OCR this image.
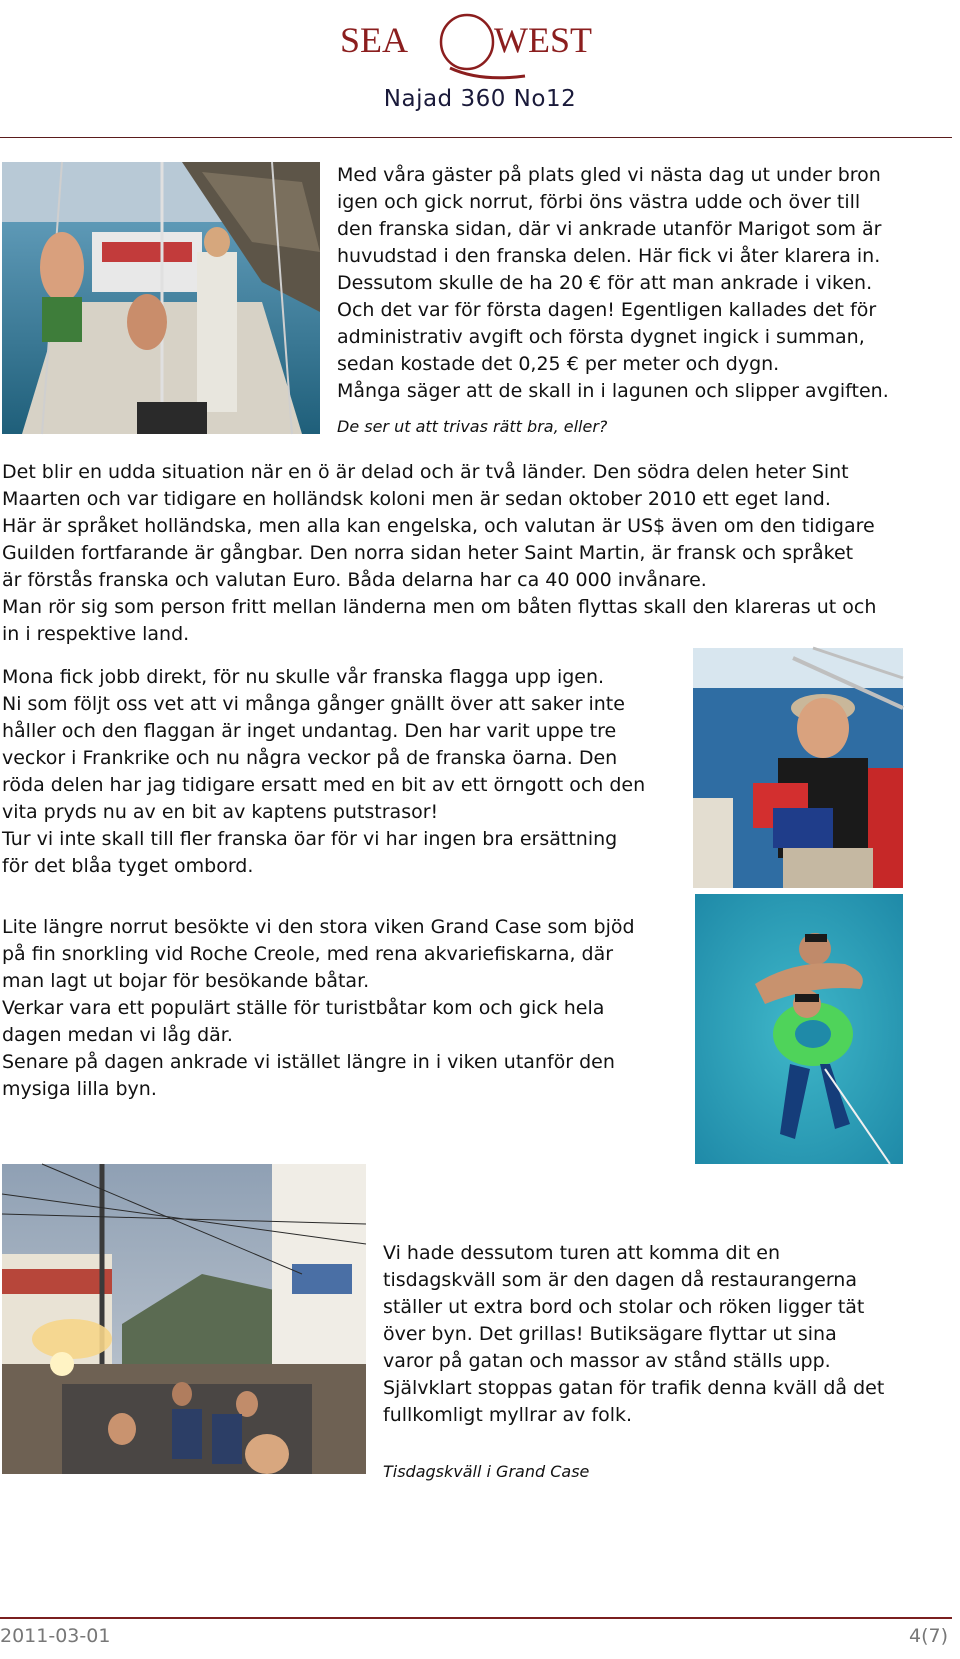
SEA WEST
Najad 360 No12
Med våra gäster på plats gled vi nästa dag ut under bron
igen och gick norrut, förbi öns västra udde och över till
den franska sidan, där vi ankrade utanför Marigot som är
huvudstad i den franska delen. Här fick vi åter klarera in.
Dessutom skulle de ha 20 € för att man ankrade i viken.
Och det var för första dagen! Egentligen kallades det för
administrativ avgift och första dygnet ingick i summan,
sedan kostade det 0,25 € per meter och dygn.
Många säger att de skall in i lagunen och slipper avgiften.
De ser ut att trivas rätt bra, eller?
Det blir en udda situation när en ö är delad och är två länder. Den södra delen heter Sint
Maarten och var tidigare en holländsk koloni men är sedan oktober 2010 ett eget land.
Här är språket holländska, men alla kan engelska, och valutan är US$ även om den tidigare
Guilden fortfarande är gångbar. Den norra sidan heter Saint Martin, är fransk och språket
är förstås franska och valutan Euro. Båda delarna har ca 40 000 invånare.
Man rör sig som person fritt mellan länderna men om båten flyttas skall den klareras ut och
in i respektive land.
Mona fick jobb direkt, för nu skulle vår franska flagga upp igen.
Ni som följt oss vet att vi många gånger gnällt över att saker inte
håller och den flaggan är inget undantag. Den har varit uppe tre
veckor i Frankrike och nu några veckor på de franska öarna. Den
röda delen har jag tidigare ersatt med en bit av ett örngott och den
vita pryds nu av en bit av kaptens putstrasor!
Tur vi inte skall till fler franska öar för vi har ingen bra ersättning
för det blåa tyget ombord.
Lite längre norrut besökte vi den stora viken Grand Case som bjöd
på fin snorkling vid Roche Creole, med rena akvariefiskarna, där
man lagt ut bojar för besökande båtar.
Verkar vara ett populärt ställe för turistbåtar kom och gick hela
dagen medan vi låg där.
Senare på dagen ankrade vi istället längre in i viken utanför den
mysiga lilla byn.
Vi hade dessutom turen att komma dit en
tisdagskväll som är den dagen då restaurangerna
ställer ut extra bord och stolar och röken ligger tät
över byn. Det grillas! Butiksägare flyttar ut sina
varor på gatan och massor av stånd ställs upp.
Självklart stoppas gatan för trafik denna kväll då det
fullkomligt myllrar av folk.
Tisdagskväll i Grand Case
2011-03-01	4(7)
